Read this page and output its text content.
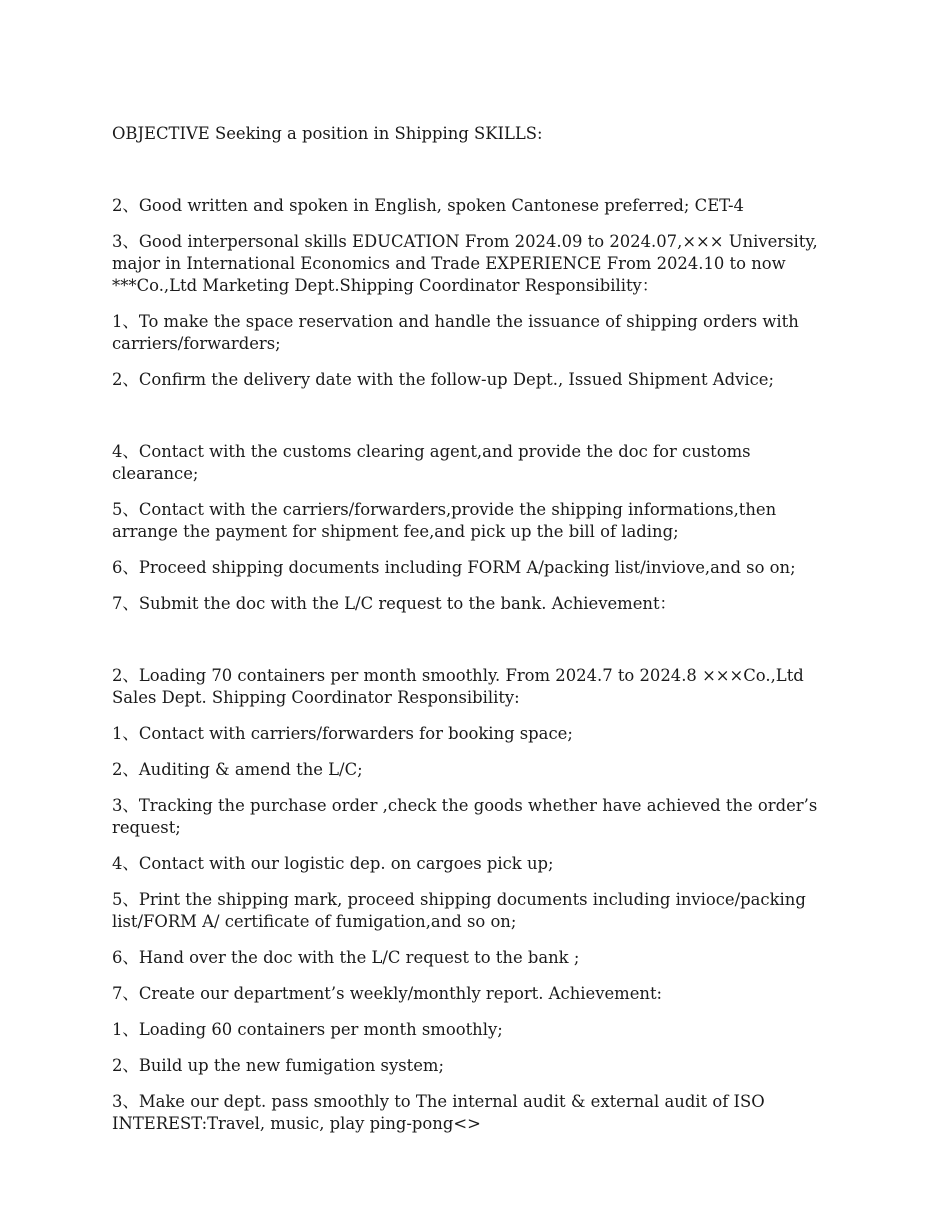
OBJECTIVE Seeking a position in Shipping SKILLS:

2、Good written and spoken in English, spoken Cantonese preferred; CET-4

3、Good interpersonal skills EDUCATION From 2024.09 to 2024.07,××× University, major in International Economics and Trade EXPERIENCE From 2024.10 to now ***Co.,Ltd Marketing Dept.Shipping Coordinator Responsibility：

1、To make the space reservation and handle the issuance of shipping orders with carriers/forwarders;

2、Confirm the delivery date with the follow-up Dept., Issued Shipment Advice;

4、Contact with the customs clearing agent,and provide the doc for customs clearance;

5、Contact with the carriers/forwarders,provide the shipping informations,then arrange the payment for shipment fee,and pick up the bill of lading;

6、Proceed shipping documents including FORM A/packing list/inviove,and so on;

7、Submit the doc with the L/C request to the bank. Achievement：

2、Loading 70 containers per month smoothly. From 2024.7 to 2024.8 ×××Co.,Ltd Sales Dept. Shipping Coordinator Responsibility:

1、Contact with carriers/forwarders for booking space;

2、Auditing & amend the L/C;

3、Tracking the purchase order ,check the goods whether have achieved the order’s request;

4、Contact with our logistic dep. on cargoes pick up;

5、Print the shipping mark, proceed shipping documents including invioce/packing list/FORM A/ certificate of fumigation,and so on;

6、Hand over the doc with the L/C request to the bank ;

7、Create our department’s weekly/monthly report. Achievement:

1、Loading 60 containers per month smoothly;

2、Build up the new fumigation system;

3、Make our dept. pass smoothly to The internal audit & external audit of ISO INTEREST:Travel, music, play ping-pong<>
